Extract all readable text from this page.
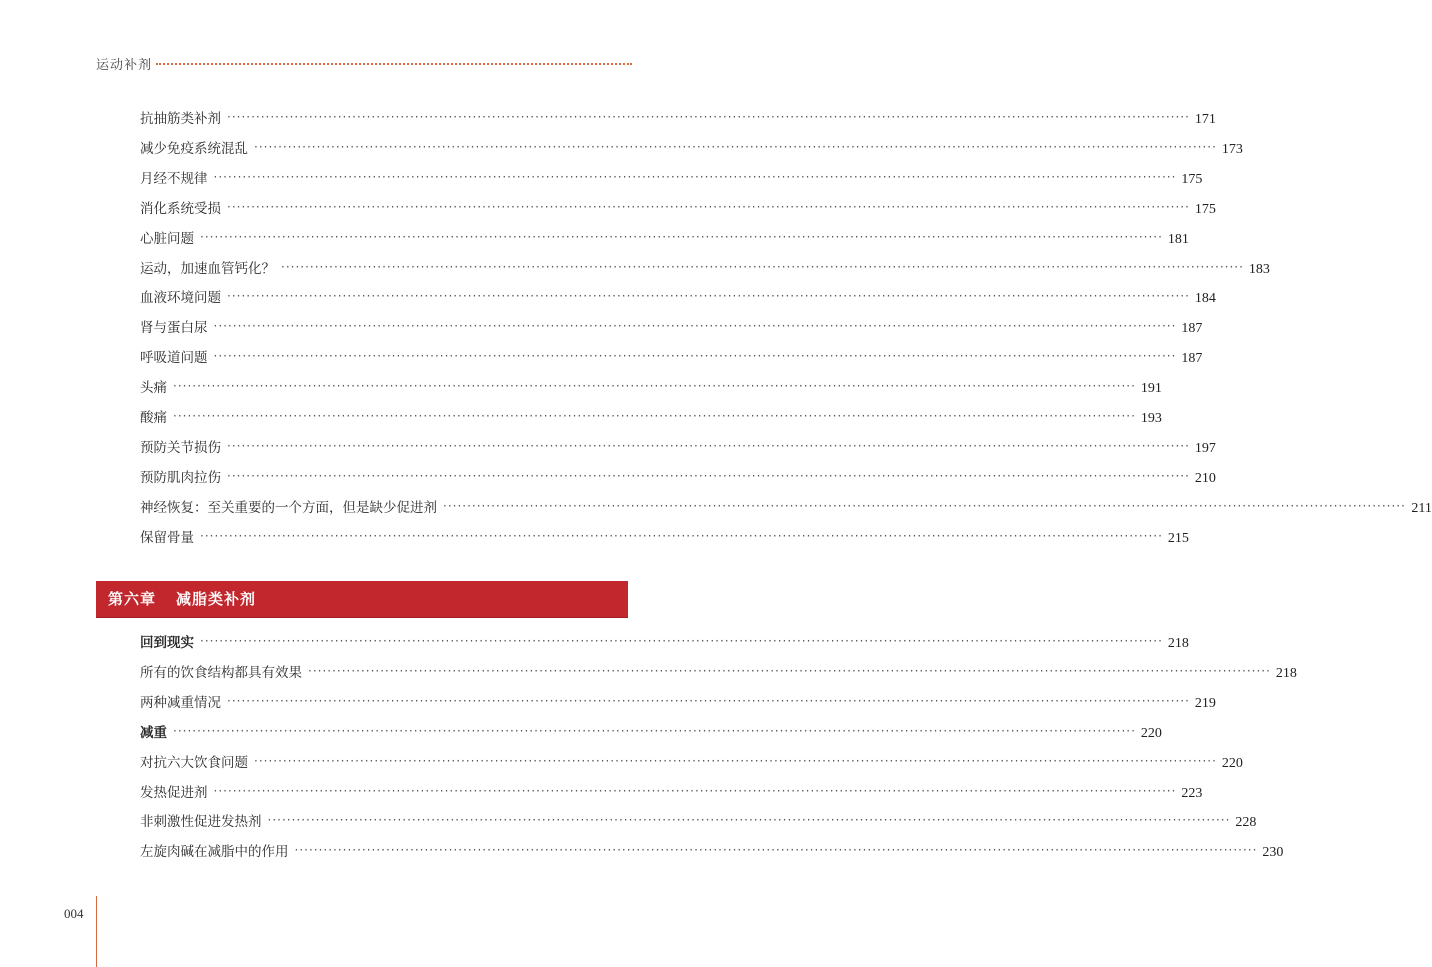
运动补剂
抗抽筋类补剂 ········································································································································································································ 171
减少免疫系统混乱 ········································································································································································································ 173
月经不规律 ········································································································································································································ 175
消化系统受损 ········································································································································································································ 175
心脏问题 ········································································································································································································ 181
运动，加速血管钙化？ ········································································································································································································ 183
血液环境问题 ········································································································································································································ 184
肾与蛋白尿 ········································································································································································································ 187
呼吸道问题 ········································································································································································································ 187
头痛 ········································································································································································································ 191
酸痛 ········································································································································································································ 193
预防关节损伤 ········································································································································································································ 197
预防肌肉拉伤 ········································································································································································································ 210
神经恢复：至关重要的一个方面，但是缺少促进剂 ········································································································································································································ 211
保留骨量 ········································································································································································································ 215
第六章 减脂类补剂
回到现实 ········································································································································································································ 218
所有的饮食结构都具有效果 ········································································································································································································ 218
两种减重情况 ········································································································································································································ 219
减重 ········································································································································································································ 220
对抗六大饮食问题 ········································································································································································································ 220
发热促进剂 ········································································································································································································ 223
非刺激性促进发热剂 ········································································································································································································ 228
左旋肉碱在减脂中的作用 ········································································································································································································ 230
004
